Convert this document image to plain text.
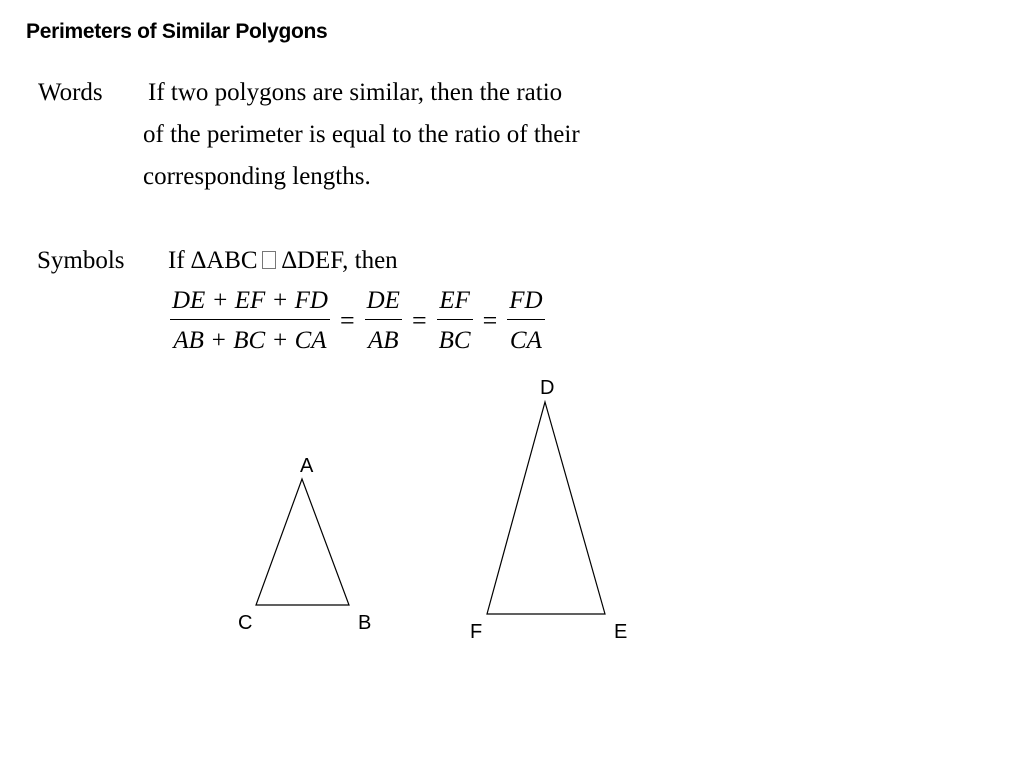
Perimeters of Similar Polygons
Words If two polygons are similar, then the ratio
of the perimeter is equal to the ratio of their
corresponding lengths.
Symbols If ∆ABC ∆DEF, then
$\frac{DE + EF + FD}{AB + BC + CA} = \frac{DE}{AB} = \frac{EF}{BC} = \frac{FD}{CA}$
A
B
C
D
E
F
